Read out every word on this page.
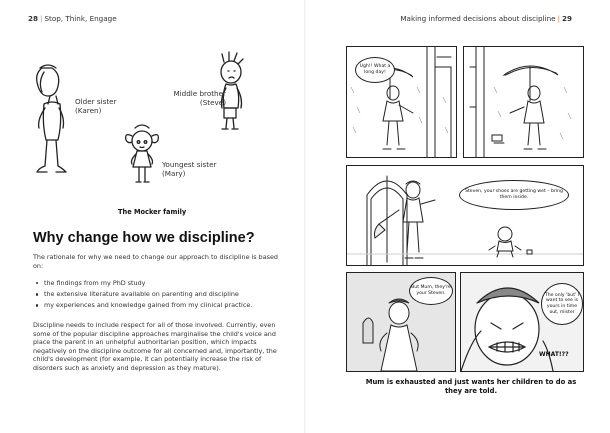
28 | Stop, Think, Engage
Older sister
(Karen)
Middle brother
(Steve)
Youngest sister
(Mary)
The Mocker family
Why change how we discipline?
The rationale for why we need to change our approach to discipline is based on:
the findings from my PhD study
the extensive literature available on parenting and discipline
my experiences and knowledge gained from my clinical practice.
Discipline needs to include respect for all of those involved. Currently, even some of the popular discipline approaches marginalise the child's voice and place the parent in an unhelpful authoritarian position, which impacts negatively on the discipline outcome for all concerned and, importantly, the child's development (for example, it can potentially increase the risk of disorders such as anxiety and depression as they mature).
Making informed decisions about discipline | 29
Ugh!! What a long day!
Steven, your shoes are getting wet – bring them inside.
But Mum, they're your Steven.	The only 'but' I want to see is yours in time out, mister
WHAT!??
Mum is exhausted and just wants her children to do as they are told.
